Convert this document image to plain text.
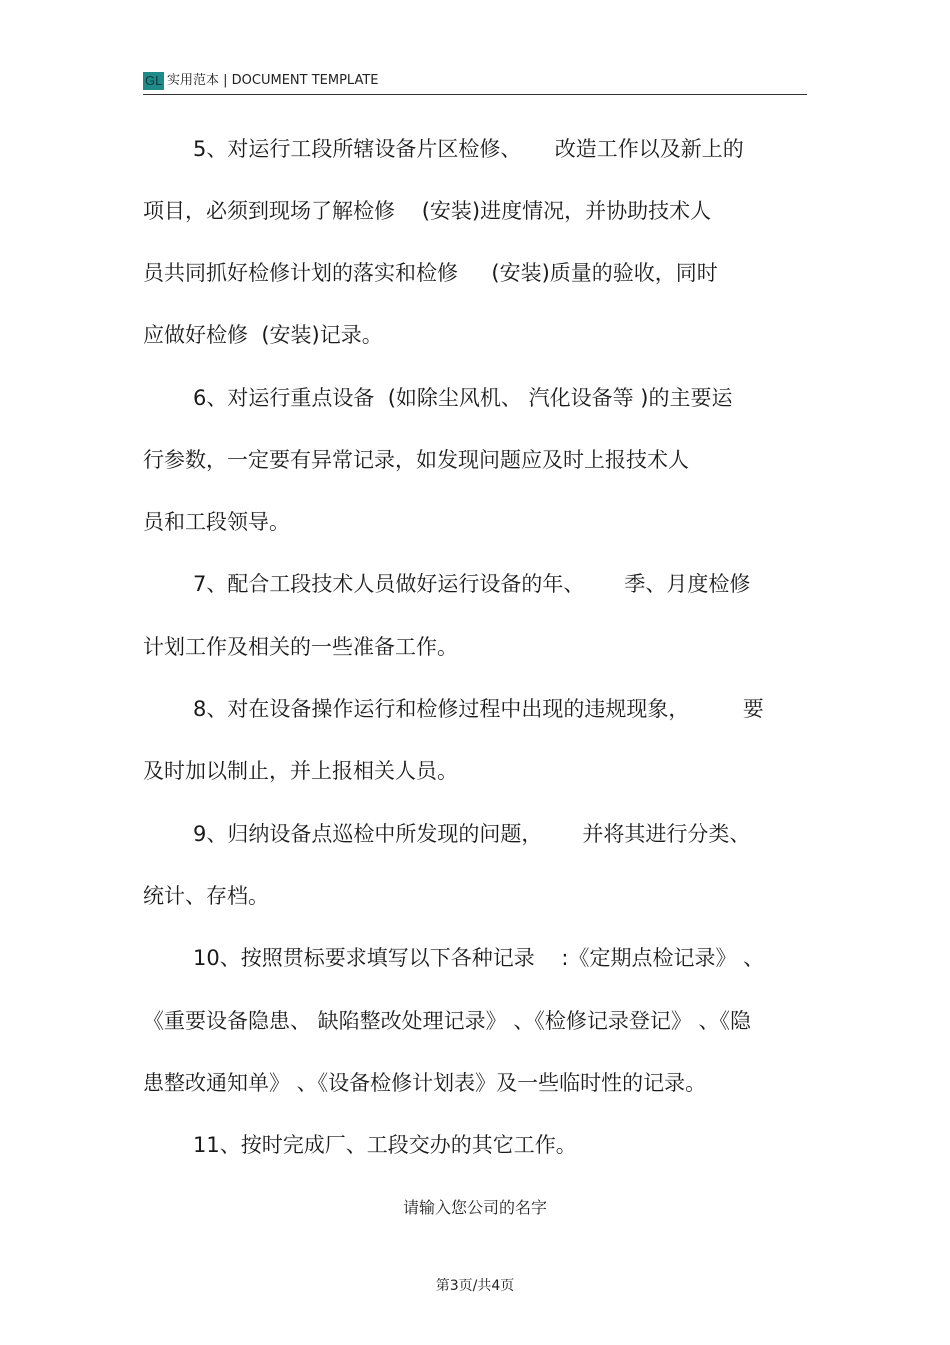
GL 实用范本 | DOCUMENT TEMPLATE
5、对运行工段所辖设备片区检修、     改造工作以及新上的
项目，必须到现场了解检修    (安装)进度情况，并协助技术人
员共同抓好检修计划的落实和检修     (安装)质量的验收，同时
应做好检修  (安装)记录。
6、对运行重点设备  (如除尘风机、 汽化设备等 )的主要运
行参数，一定要有异常记录，如发现问题应及时上报技术人
员和工段领导。
7、配合工段技术人员做好运行设备的年、      季、月度检修
计划工作及相关的一些准备工作。
8、对在设备操作运行和检修过程中出现的违规现象，        要
及时加以制止，并上报相关人员。
9、归纳设备点巡检中所发现的问题，      并将其进行分类、
统计、存档。
10、按照贯标要求填写以下各种记录    :《定期点检记录》 、
《重要设备隐患、 缺陷整改处理记录》 、《检修记录登记》 、《隐
患整改通知单》 、《设备检修计划表》及一些临时性的记录。
11、按时完成厂、工段交办的其它工作。
请输入您公司的名字
第3页/共4页
